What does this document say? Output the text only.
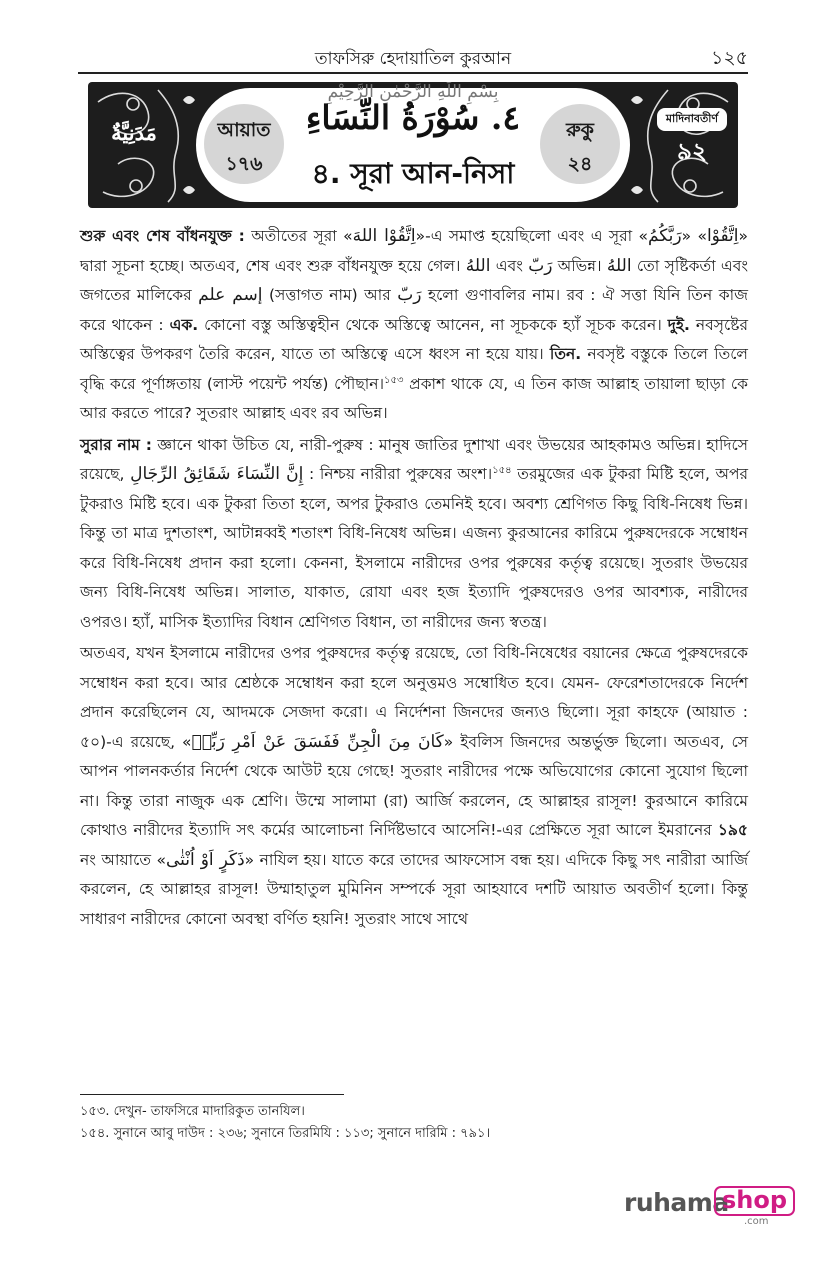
তাফসিরু হেদায়াতিল কুরআন	১২৫
مَدَنِيَّةٌ
بِسْمِ اللّٰهِ الرَّحْمٰنِ الرَّحِيْمِ
আয়াত
১৭৬
٤. سُوْرَةُ النِّسَاءِ
৪. সূরা আন-নিসা
রুকু
২৪
মাদিনাবতীর্ণ
৯২

শুরু এবং শেষ বাঁধনযুক্ত : অতীতের সূরা «اِتَّقُوْا اللهَ»-এ সমাপ্ত হয়েছিলো এবং এ সূরা «	اِتَّقُوْا» «رَبَّكُمُ	» দ্বারা সূচনা হচ্ছে। অতএব, শেষ এবং শুরু বাঁধনযুক্ত হয়ে গেল। اللهُ এবং رَبّ অভিন্ন। اللهُ তো সৃষ্টিকর্তা এবং জগতের মালিকের إسم علم (সত্তাগত নাম) আর رَبّ হলো গুণাবলির নাম। রব : ঐ সত্তা যিনি তিন কাজ করে থাকেন : এক. কোনো বস্তু অস্তিত্বহীন থেকে অস্তিত্বে আনেন, না সূচককে হ্যাঁ সূচক করেন। দুই. নবসৃষ্টের অস্তিত্বের উপকরণ তৈরি করেন, যাতে তা অস্তিত্বে এসে ধ্বংস না হয়ে যায়। তিন. নবসৃষ্ট বস্তুকে তিলে তিলে বৃদ্ধি করে পূর্ণাঙ্গতায় (লাস্ট পয়েন্ট পর্যন্ত) পৌছান।$^{১৫৩}$ প্রকাশ থাকে যে, এ তিন কাজ আল্লাহ তায়ালা ছাড়া কে আর করতে পারে? সুতরাং আল্লাহ এবং রব অভিন্ন।

সুরার নাম : জ্ঞানে থাকা উচিত যে, নারী-পুরুষ : মানুষ জাতির দুশাখা এবং উভয়ের আহকামও অভিন্ন। হাদিসে রয়েছে, إِنَّ النِّسَاءَ شَقَائِقُ الرِّجَالِ : নিশ্চয় নারীরা পুরুষের অংশ।$^{১৫৪}$ তরমুজের এক টুকরা মিষ্টি হলে, অপর টুকরাও মিষ্টি হবে। এক টুকরা তিতা হলে, অপর টুকরাও তেমনিই হবে। অবশ্য শ্রেণিগত কিছু বিধি-নিষেধ ভিন্ন। কিন্তু তা মাত্র দুশতাংশ, আটান্নব্বই শতাংশ বিধি-নিষেধ অভিন্ন। এজন্য কুরআনের কারিমে পুরুষদেরকে সম্বোধন করে বিধি-নিষেধ প্রদান করা হলো। কেননা, ইসলামে নারীদের ওপর পুরুষের কর্তৃত্ব রয়েছে। সুতরাং উভয়ের জন্য বিধি-নিষেধ অভিন্ন। সালাত, যাকাত, রোযা এবং হজ ইত্যাদি পুরুষদেরও ওপর আবশ্যক, নারীদের ওপরও। হ্যাঁ, মাসিক ইত্যাদির বিধান শ্রেণিগত বিধান, তা নারীদের জন্য স্বতন্ত্র।

অতএব, যখন ইসলামে নারীদের ওপর পুরুষদের কর্তৃত্ব রয়েছে, তো বিধি-নিষেধের বয়ানের ক্ষেত্রে পুরুষদেরকে সম্বোধন করা হবে। আর শ্রেষ্ঠকে সম্বোধন করা হলে অনুত্তমও সম্বোধিত হবে। যেমন- ফেরেশতাদেরকে নির্দেশ প্রদান করেছিলেন যে, আদমকে সেজদা করো। এ নির্দেশনা জিনদের জন্যও ছিলো। সূরা কাহফে (আয়াত : ৫০)-এ রয়েছে, «كَانَ مِنَ الْجِنِّ فَفَسَقَ عَنْ اَمْرِ رَبِّهٖ» ইবলিস জিনদের অন্তর্ভুক্ত ছিলো। অতএব, সে আপন পালনকর্তার নির্দেশ থেকে আউট হয়ে গেছে! সুতরাং নারীদের পক্ষে অভিযোগের কোনো সুযোগ ছিলো না। কিন্তু তারা নাজুক এক শ্রেণি। উম্মে সালামা (রা) আর্জি করলেন, হে আল্লাহর রাসূল! কুরআনে কারিমে কোথাও নারীদের ইত্যাদি সৎ কর্মের আলোচনা নির্দিষ্টভাবে আসেনি!-এর প্রেক্ষিতে সূরা আলে ইমরানের ১৯৫ নং আয়াতে «ذَكَرٍ اَوْ اُنْثٰى» নাযিল হয়। যাতে করে তাদের আফসোস বন্ধ হয়। এদিকে কিছু সৎ নারীরা আর্জি করলেন, হে আল্লাহর রাসূল! উম্মাহাতুল মুমিনিন সম্পর্কে সূরা আহযাবে দশটি আয়াত অবতীর্ণ হলো। কিন্তু সাধারণ নারীদের কোনো অবস্থা বর্ণিত হয়নি! সুতরাং সাথে সাথে

১৫৩. দেখুন- তাফসিরে মাদারিকুত তানযিল।
১৫৪. সুনানে আবু দাউদ : ২৩৬; সুনানে তিরমিযি : ১১৩; সুনানে দারিমি : ৭৯১।
ruhama
shop
.com
